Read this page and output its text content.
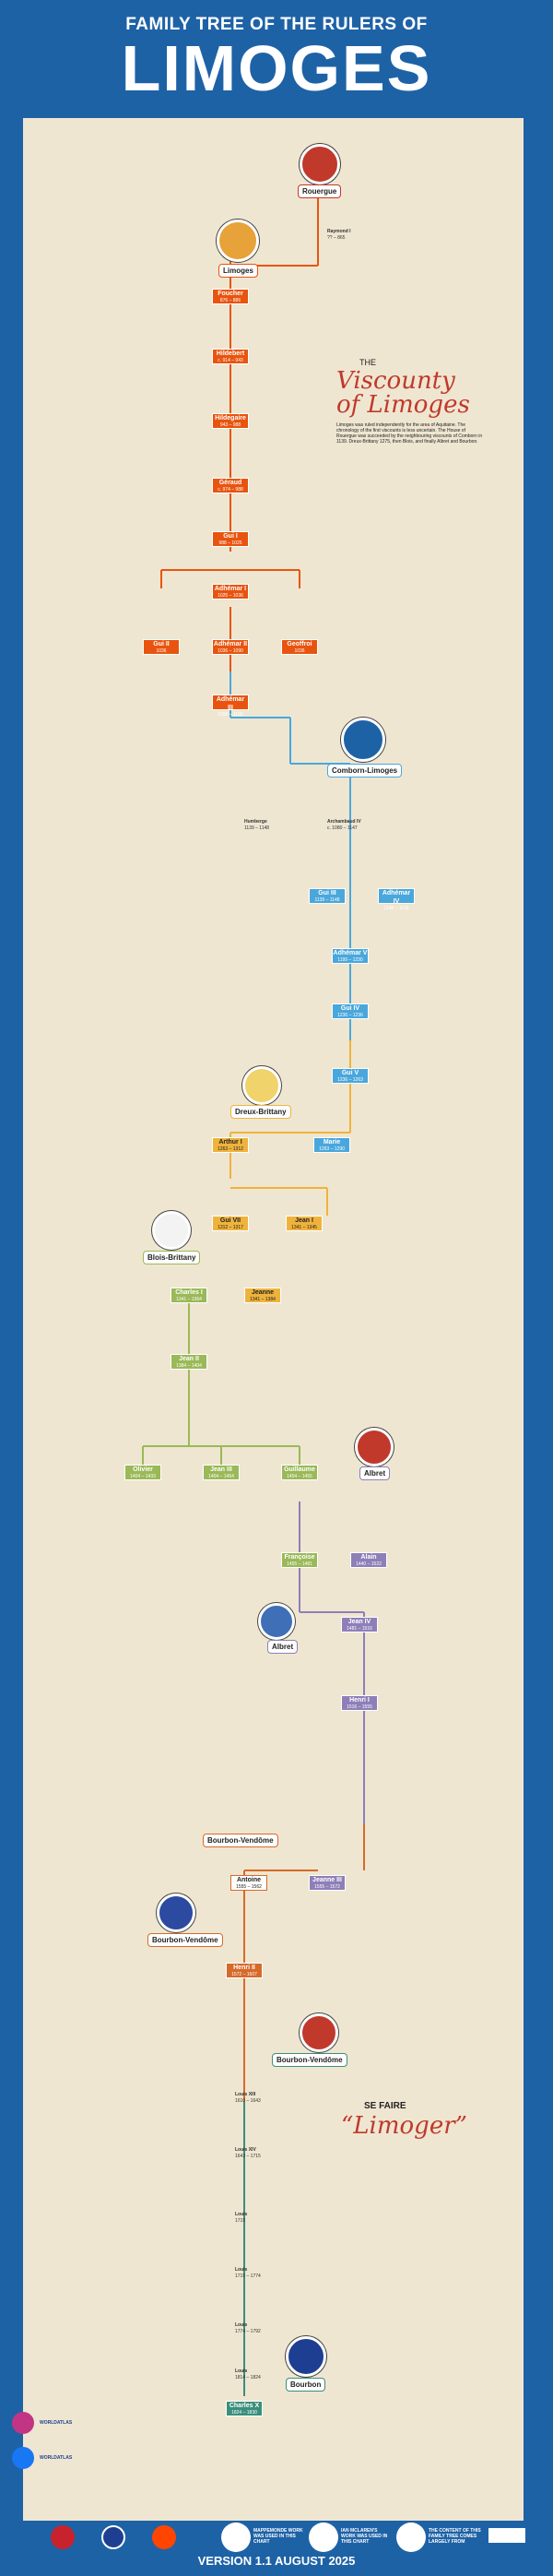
FAMILY TREE OF THE RULERS OF
LIMOGES
Rouergue
Raymond I
?? – 865
Limoges
Foucher
876 – 886
Hildebert
c. 914 – 943
Hildegaire
943 – 988
Géraud
c. 974 – 988
Gui I
988 – 1025
Adhémar I
1025 – 1036
Gui II
1036
Adhémar II
1036 – 1090
Geoffroi
1036
Adhémar III
1090 – 1139
THE
Viscounty of Limoges
Limoges was ruled independently for the area of Aquitaine. The chronology of the first viscounts is less uncertain. The House of Rouergue was succeeded by the neighbouring viscounts of Comborn in 1139. Dreux-Brittany 1275, then Blois, and finally Albret and Bourbon.
Comborn-Limoges
Humberge
1139 – 1148
Archambaud IV
c. 1080 – 1147
Gui III
1139 – 1148
Adhémar IV
1148 – 1199
Adhémar V
1199 – 1230
Gui IV
1230 – 1236
Gui V
1236 – 1263
Dreux-Brittany
Arthur I
1263 – 1312
Marie
1263 – 1290
Gui VII
1312 – 1317
Jean I
1341 – 1345
Blois-Brittany
Charles I
1341 – 1364
Jeanne
1341 – 1384
Jean II
1384 – 1404
Olivier
1404 – 1433
Jean III
1404 – 1454
Guillaume
1454 – 1455	Albret
Françoise
1455 – 1481
Alain
1440 – 1522
Albret
Jean IV
1481 – 1516
Henri I
1516 – 1555
Bourbon-Vendôme
Antoine
1555 – 1562
Jeanne III
1555 – 1572
Bourbon-Vendôme
Henri II
1572 – 1607
Bourbon-Vendôme
SE FAIRE
“Limoger”
Louis XIII
1610 – 1643
Louis XIV
1643 – 1715
Louis
1715
Louis
1715 – 1774
Louis
1774 – 1792
Louis
1814 – 1824
Bourbon
Charles X
1824 – 1830
WORLDATLAS
WORLDATLAS
MAPPEMONDE WORK WAS USED IN THIS CHART
IAN MCLAREN'S WORK WAS USED IN THIS CHART
THE CONTENT OF THIS FAMILY TREE COMES LARGELY FROM
VERSION 1.1 AUGUST 2025
